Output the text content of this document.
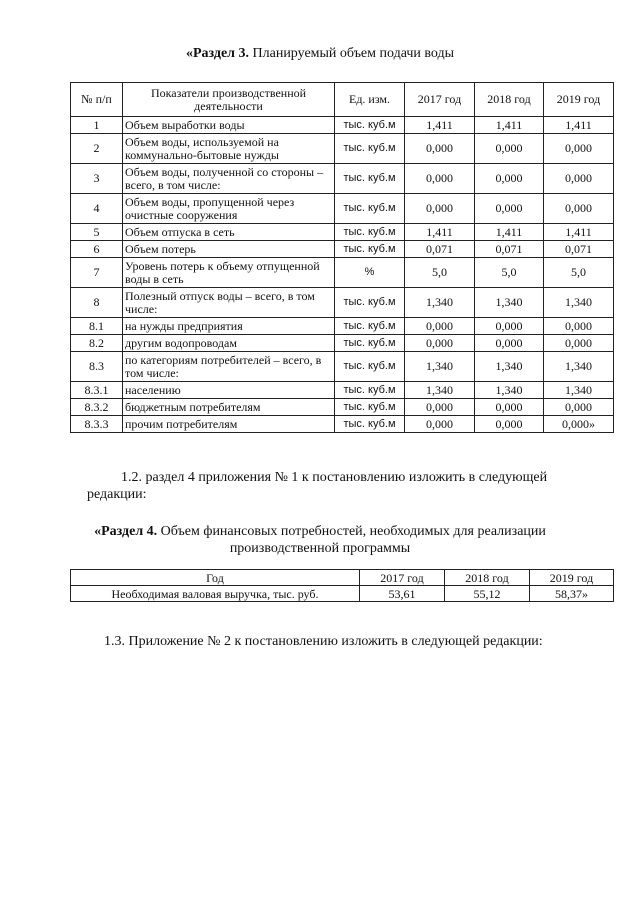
«Раздел 3. Планируемый объем подачи воды
№ п/п	Показатели производственной деятельности	Ед. изм.	2017 год	2018 год	2019 год
1	Объем выработки воды	тыс. куб.м	1,411	1,411	1,411
2	Объем воды, используемой на коммунально-бытовые нужды	тыс. куб.м	0,000	0,000	0,000
3	Объем воды, полученной со стороны – всего, в том числе:	тыс. куб.м	0,000	0,000	0,000
4	Объем воды, пропущенной через очистные сооружения	тыс. куб.м	0,000	0,000	0,000
5	Объем отпуска в сеть	тыс. куб.м	1,411	1,411	1,411
6	Объем потерь	тыс. куб.м	0,071	0,071	0,071
7	Уровень потерь к объему отпущенной воды в сеть	%	5,0	5,0	5,0
8	Полезный отпуск воды – всего, в том числе:	тыс. куб.м	1,340	1,340	1,340
8.1	на нужды предприятия	тыс. куб.м	0,000	0,000	0,000
8.2	другим водопроводам	тыс. куб.м	0,000	0,000	0,000
8.3	по категориям потребителей – всего, в том числе:	тыс. куб.м	1,340	1,340	1,340
8.3.1	населению	тыс. куб.м	1,340	1,340	1,340
8.3.2	бюджетным потребителям	тыс. куб.м	0,000	0,000	0,000
8.3.3	прочим потребителям	тыс. куб.м	0,000	0,000	0,000»
1.2. раздел 4 приложения № 1 к постановлению изложить в следующей
редакции:
«Раздел 4. Объем финансовых потребностей, необходимых для реализации
производственной программы
Год	2017 год	2018 год	2019 год
Необходимая валовая выручка, тыс. руб.	53,61	55,12	58,37»
1.3. Приложение № 2 к постановлению изложить в следующей редакции:
